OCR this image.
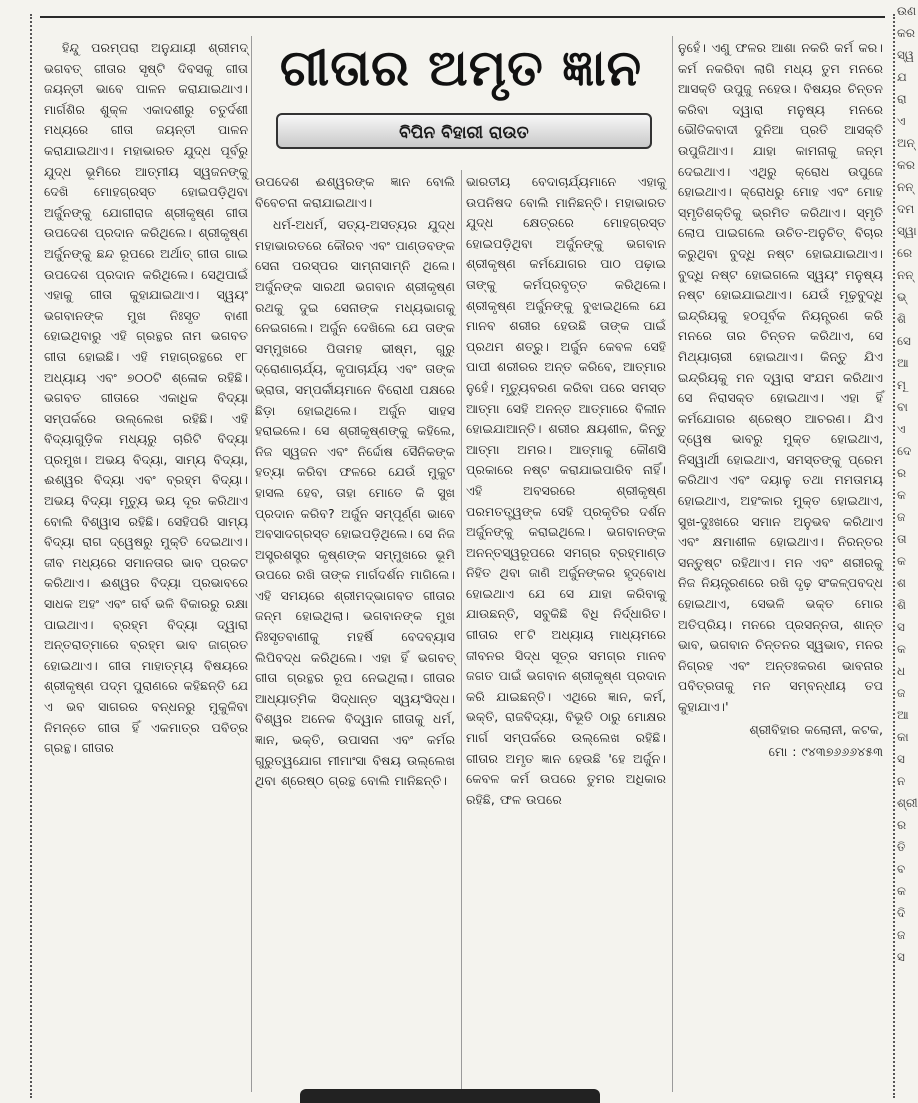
ହିନ୍ଦୁ ପରମ୍ପରା ଅନୁଯାୟୀ ଶ୍ରୀମଦ୍ ଭଗବତ୍ ଗୀତାର ସୃଷ୍ଟି ଦିବସକୁ ଗୀତା ଜୟନ୍ତୀ ଭାବେ ପାଳନ କରାଯାଇଥାଏ। ମାର୍ଗଶିର ଶୁକ୍ଳ ଏକାଦଶୀରୁ ଚତୁର୍ଦଶୀ ମଧ୍ୟରେ ଗୀତା ଜୟନ୍ତୀ ପାଳନ କରାଯାଇଥାଏ। ମହାଭାରତ ଯୁଦ୍ଧ ପୂର୍ବରୁ ଯୁଦ୍ଧ ଭୂମିରେ ଆତ୍ମୀୟ ସ୍ୱଜନଙ୍କୁ ଦେଖି ମୋହଗ୍ରସ୍ତ ହୋଇପଡ଼ିଥିବା ଅର୍ଜୁନଙ୍କୁ ଯୋଗୀରାଜ ଶ୍ରୀକୃଷ୍ଣ ଗୀତା ଉପଦେଶ ପ୍ରଦାନ କରିଥିଲେ। ଶ୍ରୀକୃଷ୍ଣ ଅର୍ଜୁନଙ୍କୁ ଛନ୍ଦ ରୂପରେ ଅର୍ଥାତ୍ ଗୀତା ଗାଇ ଉପଦେଶ ପ୍ରଦାନ କରିଥିଲେ। ସେଥିପାଇଁ ଏହାକୁ ଗୀତା କୁହାଯାଇଥାଏ। ସ୍ୱୟଂ ଭଗବାନଙ୍କ ମୁଖ ନିଃସୃତ ବାଣୀ ହୋଇଥିବାରୁ ଏହି ଗ୍ରନ୍ଥର ନାମ ଭଗବତ ଗୀତା ହୋଇଛି। ଏହି ମହାଗ୍ରନ୍ଥରେ ୧୮ ଅଧ୍ୟାୟ ଏବଂ ୭୦୦ଟି ଶ୍ଳୋକ ରହିଛି। ଭଗବତ ଗୀତାରେ ଏକାଧିକ ବିଦ୍ୟା ସମ୍ପର୍କରେ ଉଲ୍ଲେଖ ରହିଛି। ଏହି ବିଦ୍ୟାଗୁଡ଼ିକ ମଧ୍ୟରୁ ଚାରିଟି ବିଦ୍ୟା ପ୍ରମୁଖ। ଅଭୟ ବିଦ୍ୟା, ସାମ୍ୟ ବିଦ୍ୟା, ଈଶ୍ୱର ବିଦ୍ୟା ଏବଂ ବ୍ରହ୍ମ ବିଦ୍ୟା। ଅଭୟ ବିଦ୍ୟା ମୃତ୍ୟୁ ଭୟ ଦୂର କରିଥାଏ ବୋଲି ବିଶ୍ୱାସ ରହିଛି। ସେହିପରି ସାମ୍ୟ ବିଦ୍ୟା ରାଗ ଦ୍ୱେଷରୁ ମୁକ୍ତି ଦେଇଥାଏ। ଜୀବ ମଧ୍ୟରେ ସମାନତାର ଭାବ ପ୍ରକଟ କରିଥାଏ। ଈଶ୍ୱର ବିଦ୍ୟା ପ୍ରଭାବରେ ସାଧକ ଅହଂ ଏବଂ ଗର୍ବ ଭଳି ବିକାରରୁ ରକ୍ଷା ପାଇଥାଏ। ବ୍ରହ୍ମ ବିଦ୍ୟା ଦ୍ୱାରା ଅନ୍ତରାତ୍ମାରେ ବ୍ରହ୍ମ ଭାବ ଜାଗ୍ରତ ହୋଇଥାଏ। ଗୀତା ମାହାତ୍ମ୍ୟ ବିଷୟରେ ଶ୍ରୀକୃଷ୍ଣ ପଦ୍ମ ପୁରାଣରେ କହିଛନ୍ତି ଯେ ଏ ଭବ ସାଗରର ବନ୍ଧନରୁ ମୁକୁଳିବା ନିମନ୍ତେ ଗୀତା ହିଁ ଏକମାତ୍ର ପବିତ୍ର ଗ୍ରନ୍ଥ। ଗୀତାର

ଗୀତାର ଅମୃତ ଜ୍ଞାନ
ବିପିନ ବିହାରୀ ରାଉତ

ଉପଦେଶ ଈଶ୍ୱରଙ୍କ ଜ୍ଞାନ ବୋଲି ବିବେଚନା କରାଯାଇଥାଏ।

ଧର୍ମ-ଅଧର୍ମ, ସତ୍ୟ-ଅସତ୍ୟର ଯୁଦ୍ଧ ମହାଭାରତରେ କୌରବ ଏବଂ ପାଣ୍ଡବଙ୍କ ସେନା ପରସ୍ପର ସାମ୍ନାସାମ୍ନି ଥିଲେ। ଅର୍ଜୁନଙ୍କ ସାରଥୀ ଭଗବାନ ଶ୍ରୀକୃଷ୍ଣ ରଥକୁ ଦୁଇ ସେନାଙ୍କ ମଧ୍ୟଭାଗକୁ ନେଇଗଲେ। ଅର୍ଜୁନ ଦେଖିଲେ ଯେ ତାଙ୍କ ସମ୍ମୁଖରେ ପିତାମହ ଭୀଷ୍ମ, ଗୁରୁ ଦ୍ରୋଣାଚାର୍ଯ୍ୟ, କୃପାଚାର୍ଯ୍ୟ ଏବଂ ତାଙ୍କ ଭ୍ରାତା, ସମ୍ପର୍କୀୟମାନେ ବିରୋଧୀ ପକ୍ଷରେ ଛିଡ଼ା ହୋଇଥିଲେ। ଅର୍ଜୁନ ସାହସ ହରାଇଲେ। ସେ ଶ୍ରୀକୃଷ୍ଣଙ୍କୁ କହିଲେ, ନିଜ ସ୍ୱଜନ ଏବଂ ନିର୍ଦ୍ଦୋଷ ସୈନିକଙ୍କ ହତ୍ୟା କରିବା ଫଳରେ ଯେଉଁ ମୁକୁଟ ହାସଲ ହେବ, ତାହା ମୋତେ କି ସୁଖ ପ୍ରଦାନ କରିବ? ଅର୍ଜୁନ ସମ୍ପୂର୍ଣ୍ଣ ଭାବେ ଅବସାଦଗ୍ରସ୍ତ ହୋଇପଡ଼ିଥିଲେ। ସେ ନିଜ ଅସ୍ତ୍ରଶସ୍ତ୍ର କୃଷ୍ଣଙ୍କ ସମ୍ମୁଖରେ ଭୂମି ଉପରେ ରଖି ତାଙ୍କ ମାର୍ଗଦର୍ଶନ ମାଗିଲେ। ଏହି ସମୟରେ ଶ୍ରୀମଦ୍‌ଭାଗବତ ଗୀତାର ଜନ୍ମ ହୋଇଥିଲା। ଭଗବାନଙ୍କ ମୁଖ ନିଃସୃତବାଣୀକୁ ମହର୍ଷି ବେଦବ୍ୟାସ ଲିପିବଦ୍ଧ କରିଥିଲେ। ଏହା ହିଁ ଭଗବତ୍ ଗୀତା ଗ୍ରନ୍ଥର ରୂପ ନେଇଥିଲା। ଗୀତାର ଆଧ୍ୟାତ୍ମିକ ସିଦ୍ଧାନ୍ତ ସ୍ୱୟଂସିଦ୍ଧ। ବିଶ୍ୱର ଅନେକ ବିଦ୍ୱାନ ଗୀତାକୁ ଧର୍ମ, ଜ୍ଞାନ, ଭକ୍ତି, ଉପାସନା ଏବଂ କର୍ମର ଗୁରୁତ୍ୱଯୋଗ ମୀମାଂସା ବିଷୟ ଉଲ୍ଲେଖ ଥିବା ଶ୍ରେଷ୍ଠ ଗ୍ରନ୍ଥ ବୋଲି ମାନିଛନ୍ତି।

ଭାରତୀୟ ବେଦାଚାର୍ଯ୍ୟମାନେ ଏହାକୁ ଉପନିଷଦ ବୋଲି ମାନିଛନ୍ତି। ମହାଭାରତ ଯୁଦ୍ଧ କ୍ଷେତ୍ରରେ ମୋହଗ୍ରସ୍ତ ହୋଇପଡ଼ିଥିବା ଅର୍ଜୁନଙ୍କୁ ଭଗବାନ ଶ୍ରୀକୃଷ୍ଣ କର୍ମଯୋଗର ପାଠ ପଢ଼ାଇ ତାଙ୍କୁ କର୍ମପ୍ରବୃତ୍ତ କରିଥିଲେ। ଶ୍ରୀକୃଷ୍ଣ ଅର୍ଜୁନଙ୍କୁ ବୁଝାଇଥିଲେ ଯେ ମାନବ ଶରୀର ହେଉଛି ତାଙ୍କ ପାଇଁ ପ୍ରଥମ ଶତ୍ରୁ। ଅର୍ଜୁନ କେବଳ ସେହି ପାପୀ ଶରୀରର ଅନ୍ତ କରିବେ, ଆତ୍ମାର ନୁହେଁ। ମୃତ୍ୟୁବରଣ କରିବା ପରେ ସମସ୍ତ ଆତ୍ମା ସେହି ଅନନ୍ତ ଆତ୍ମାରେ ବିଲୀନ ହୋଇଯାଆନ୍ତି। ଶରୀର କ୍ଷୟଶୀଳ, କିନ୍ତୁ ଆତ୍ମା ଅମର। ଆତ୍ମାକୁ କୌଣସି ପ୍ରକାରେ ନଷ୍ଟ କରାଯାଇପାରିବ ନାହିଁ। ଏହି ଅବସରରେ ଶ୍ରୀକୃଷ୍ଣ ପରମତତ୍ତ୍ୱଙ୍କ ସେହି ପ୍ରକୃତିର ଦର୍ଶନ ଅର୍ଜୁନଙ୍କୁ କରାଇଥିଲେ। ଭଗବାନଙ୍କ ଅନନ୍ତସ୍ୱରୂପରେ ସମଗ୍ର ବ୍ରହ୍ମାଣ୍ଡ ନିହିତ ଥିବା ଜାଣି ଅର୍ଜୁନଙ୍କର ହୃଦ୍‌ବୋଧ ହୋଇଥାଏ ଯେ ସେ ଯାହା କରିବାକୁ ଯାଉଛନ୍ତି, ସବୁକିଛି ବିଧି ନିର୍ଦ୍ଧାରିତ। ଗୀତାର ୧୮ଟି ଅଧ୍ୟାୟ ମାଧ୍ୟମରେ ଜୀବନର ସିଦ୍ଧ ସୂତ୍ର ସମଗ୍ର ମାନବ ଜଗତ ପାଇଁ ଭଗବାନ ଶ୍ରୀକୃଷ୍ଣ ପ୍ରଦାନ କରି ଯାଇଛନ୍ତି। ଏଥିରେ ଜ୍ଞାନ, କର୍ମ, ଭକ୍ତି, ରାଜବିଦ୍ୟା, ବିଭୂତି ଠାରୁ ମୋକ୍ଷର ମାର୍ଗ ସମ୍ପର୍କରେ ଉଲ୍ଲେଖ ରହିଛି। ଗୀତାର ଅମୃତ ଜ୍ଞାନ ହେଉଛି 'ହେ ଅର୍ଜୁନ। କେବଳ କର୍ମ ଉପରେ ତୁମର ଅଧିକାର ରହିଛି, ଫଳ ଉପରେ

ନୁହେଁ। ଏଣୁ ଫଳର ଆଶା ନକରି କର୍ମ କର। କର୍ମ ନକରିବା ଲାଗି ମଧ୍ୟ ତୁମ ମନରେ ଆସକ୍ତି ଉପୁଜୁ ନହେଉ। ବିଷୟର ଚିନ୍ତନ କରିବା ଦ୍ୱାରା ମନୁଷ୍ୟ ମନରେ ଭୌତିକବାଦୀ ଦୁନିଆ ପ୍ରତି ଆସକ୍ତି ଉପୁଜିଥାଏ। ଯାହା କାମନାକୁ ଜନ୍ମ ଦେଇଥାଏ। ଏଥିରୁ କ୍ରୋଧ ଉପୁଜେ ହୋଇଥାଏ। କ୍ରୋଧରୁ ମୋହ ଏବଂ ମୋହ ସ୍ମୃତିଶକ୍ତିକୁ ଭ୍ରମିତ କରିଥାଏ। ସ୍ମୃତି ଲୋପ ପାଇଗଲେ ଉଚିତ-ଅନୁଚିତ୍ ବିଚାର କରୁଥିବା ବୁଦ୍ଧି ନଷ୍ଟ ହୋଇଯାଇଥାଏ। ବୁଦ୍ଧି ନଷ୍ଟ ହୋଇଗଲେ ସ୍ୱୟଂ ମନୁଷ୍ୟ ନଷ୍ଟ ହୋଇଯାଇଥାଏ। ଯେଉଁ ମୂଢ଼ବୁଦ୍ଧି ଇନ୍ଦ୍ରିୟକୁ ହଠପୂର୍ବକ ନିୟନ୍ତ୍ରଣ କରି ମନରେ ତାର ଚିନ୍ତନ କରିଥାଏ, ସେ ମିଥ୍ୟାଚାରୀ ହୋଇଥାଏ। କିନ୍ତୁ ଯିଏ ଇନ୍ଦ୍ରିୟକୁ ମନ ଦ୍ୱାରା ସଂଯମ କରିଥାଏ ସେ ନିରାସକ୍ତ ହୋଇଥାଏ। ଏହା ହିଁ କର୍ମଯୋଗର ଶ୍ରେଷ୍ଠ ଆଚରଣ। ଯିଏ ଦ୍ୱେଷ ଭାବରୁ ମୁକ୍ତ ହୋଇଥାଏ, ନିସ୍ୱାର୍ଥୀ ହୋଇଥାଏ, ସମସ୍ତଙ୍କୁ ପ୍ରେମ କରିଥାଏ ଏବଂ ଦୟାଳୁ ତଥା ମମତାମୟ ହୋଇଥାଏ, ଅହଂକାର ମୁକ୍ତ ହୋଇଥାଏ, ସୁଖ-ଦୁଃଖରେ ସମାନ ଅନୁଭବ କରିଥାଏ ଏବଂ କ୍ଷମାଶୀଳ ହୋଇଥାଏ। ନିରନ୍ତର ସନ୍ତୁଷ୍ଟ ରହିଥାଏ। ମନ ଏବଂ ଶରୀରକୁ ନିଜ ନିୟନ୍ତ୍ରଣରେ ରଖି ଦୃଢ଼ ସଂକଳ୍ପବଦ୍ଧ ହୋଇଥାଏ, ସେଭଳି ଭକ୍ତ ମୋର ଅତିପ୍ରିୟ। ମନରେ ପ୍ରସନ୍ନତା, ଶାନ୍ତ ଭାବ, ଭଗବାନ ଚିନ୍ତନର ସ୍ୱଭାବ, ମନର ନିଗ୍ରହ ଏବଂ ଅନ୍ତଃକରଣ ଭାବନାର ପବିତ୍ରତାକୁ ମନ ସମ୍ବନ୍ଧୀୟ ତପ କୁହାଯାଏ।'

ଶ୍ରୀବିହାର କଲୋନୀ, କଟକ,

ମୋ : ୯୪୩୭୬୬୬୪୫୩

ଉଣ
କର
ସ୍ୱ
ଯ
ରା
ଏ
ଅନ୍
କର
ନନ୍
ଦମ
ସ୍ୱା
ରେ
ନନ୍
ଭ୍
ଶି
ସେ
ଆ
ମୂ
ବା
ଏ
ଦେ
ର
କ
ଜ
ତା
କ
ଶ
ଶି
ସ
କ
ଧ
ଜ
ଆ
କା
ସ
ନ
ଶ୍ରୀ
ର
ତି
ବ
କ
ଦି
ଜ
ସ
